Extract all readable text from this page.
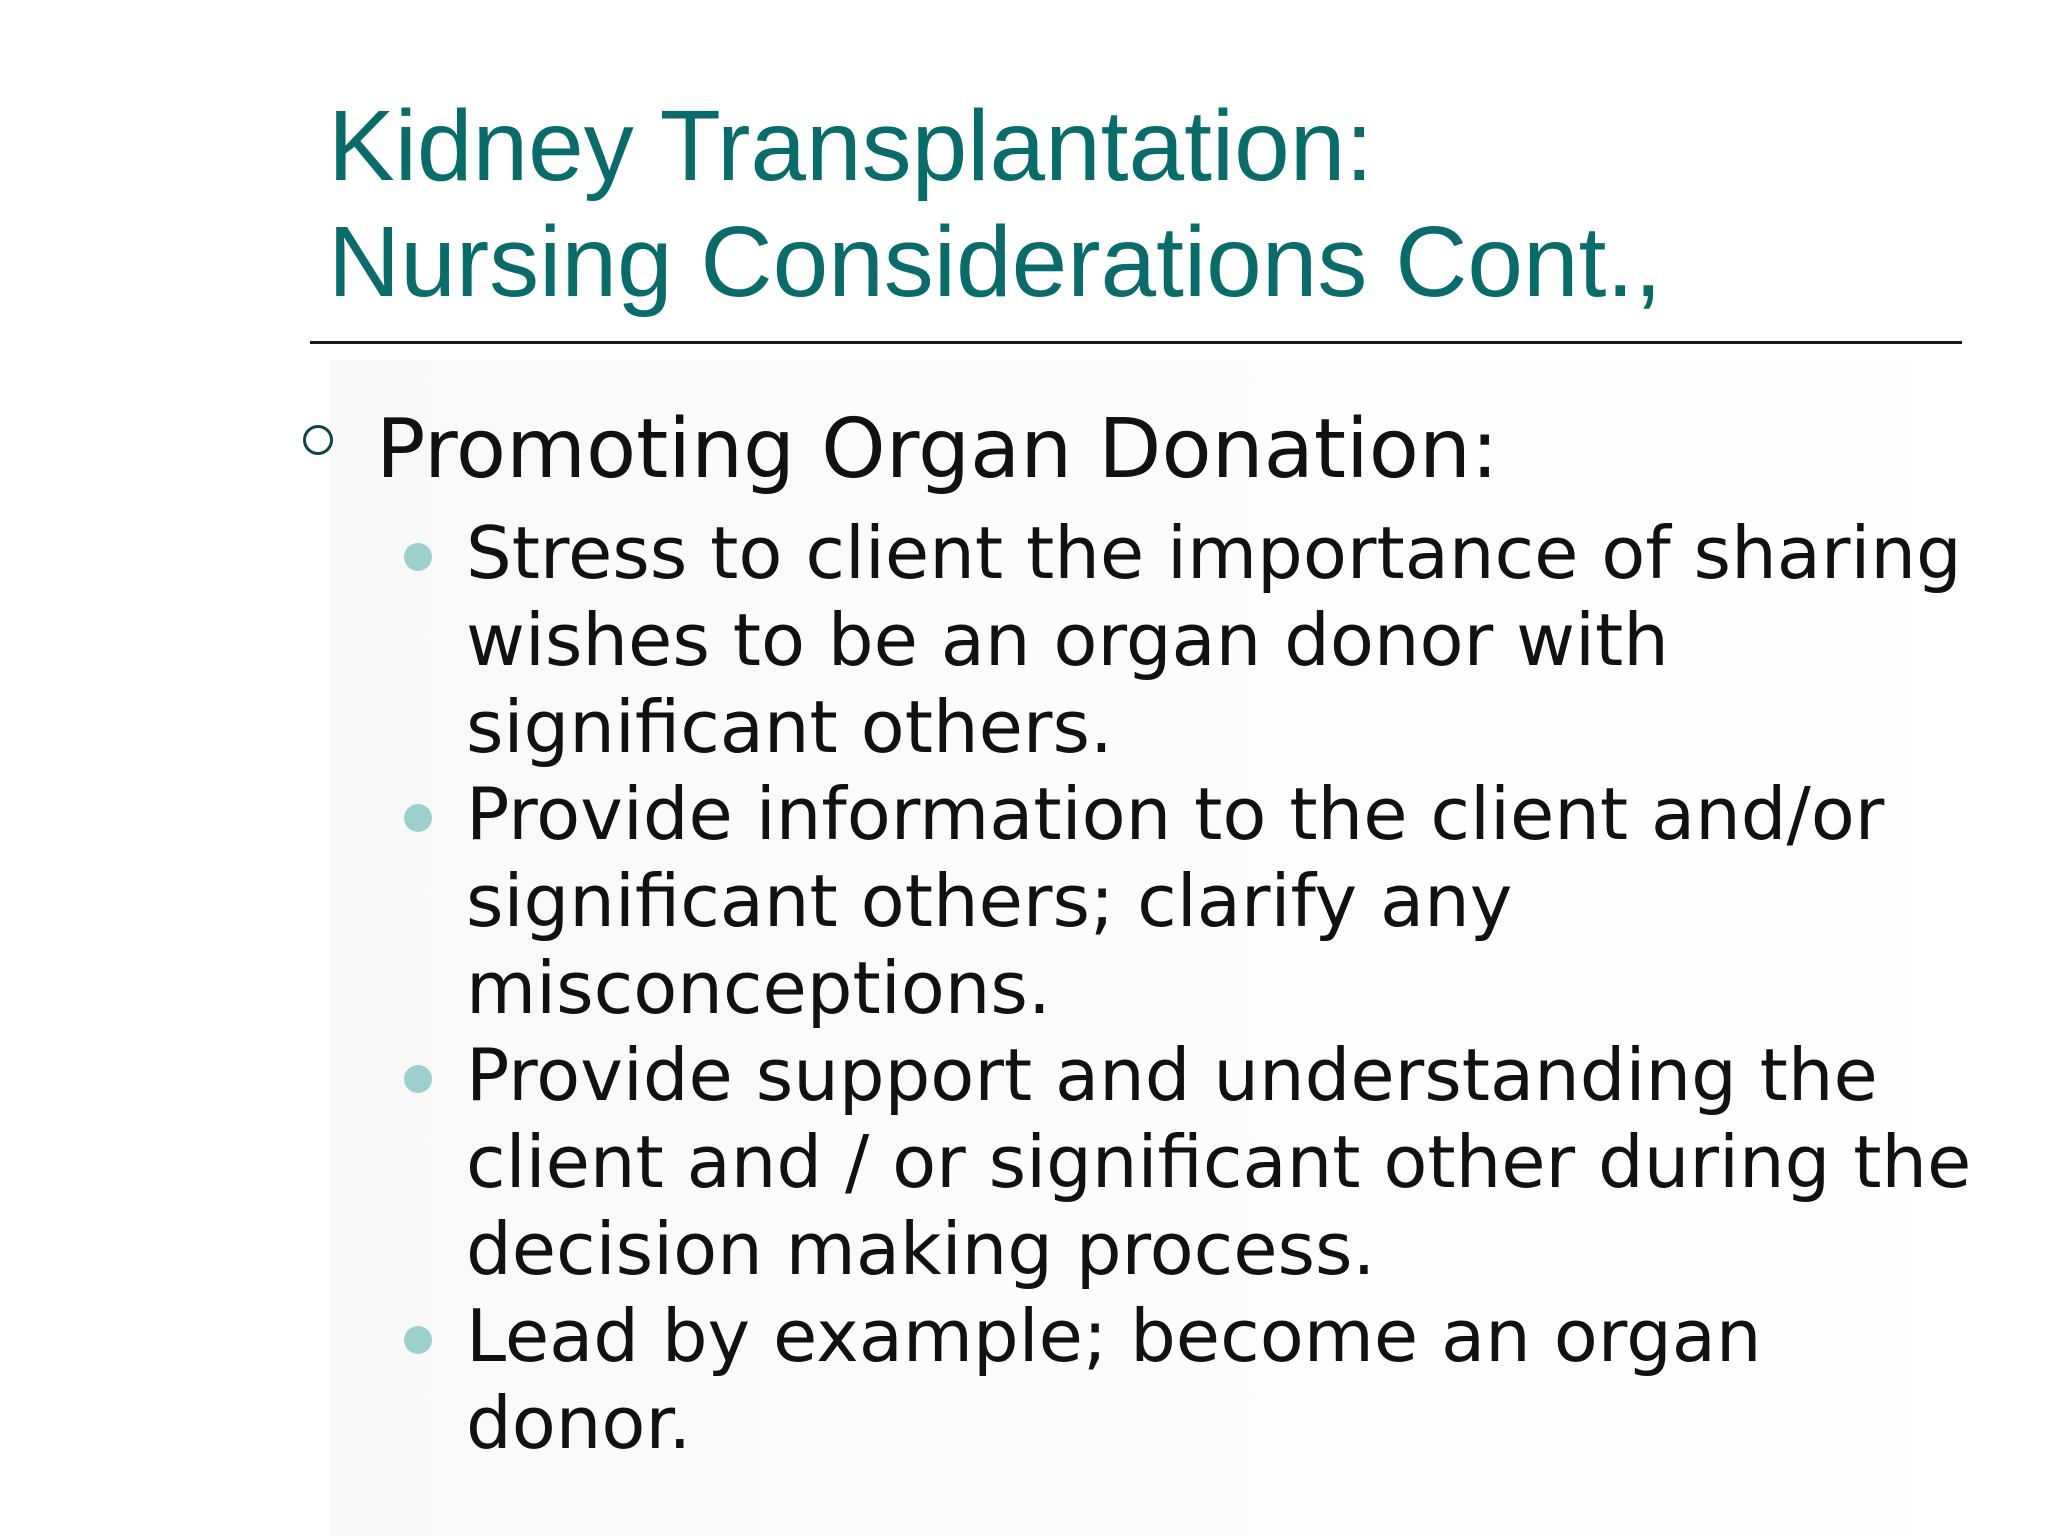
Kidney Transplantation:
Nursing Considerations Cont.,
Promoting Organ Donation:
Stress to client the importance of sharing
wishes to be an organ donor with
significant others.
Provide information to the client and/or
significant others; clarify any
misconceptions.
Provide support and understanding the
client and / or significant other during the
decision making process.
Lead by example; become an organ
donor.
